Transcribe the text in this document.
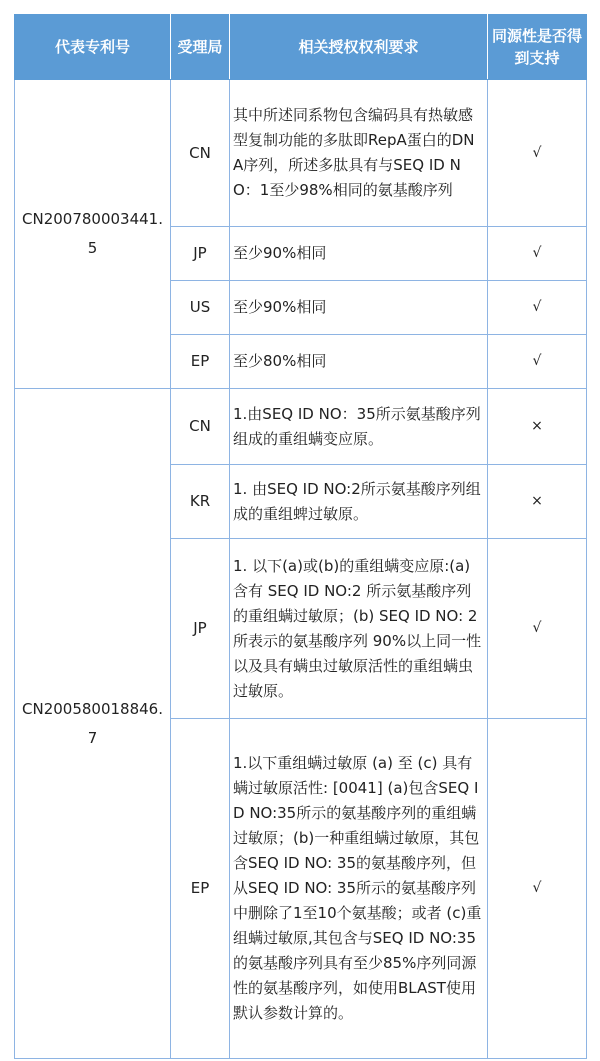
代表专利号	受理局	相关授权权利要求	同源性是否得到支持
CN200780003441.5	CN	其中所述同系物包含编码具有热敏感型复制功能的多肽即RepA蛋白的DNA序列，所述多肽具有与SEQ ID NO：1至少98%相同的氨基酸序列	√
	JP	至少90%相同	√
	US	至少90%相同	√
	EP	至少80%相同	√
CN200580018846.7	CN	1.由SEQ ID NO：35所示氨基酸序列组成的重组螨变应原。	×
	KR	1. 由SEQ ID NO:2所示氨基酸序列组成的重组蜱过敏原。	×
	JP	1. 以下(a)或(b)的重组螨变应原:(a)含有 SEQ ID NO:2 所示氨基酸序列的重组螨过敏原；(b) SEQ ID NO: 2 所表示的氨基酸序列 90%以上同一性以及具有螨虫过敏原活性的重组螨虫过敏原。	√
	EP	1.以下重组螨过敏原 (a) 至 (c) 具有螨过敏原活性: [0041] (a)包含SEQ ID NO:35所示的氨基酸序列的重组螨过敏原；(b)一种重组螨过敏原，其包含SEQ ID NO: 35的氨基酸序列，但从SEQ ID NO: 35所示的氨基酸序列中删除了1至10个氨基酸；或者 (c)重组螨过敏原,其包含与SEQ ID NO:35的氨基酸序列具有至少85%序列同源性的氨基酸序列，如使用BLAST使用默认参数计算的。	√
